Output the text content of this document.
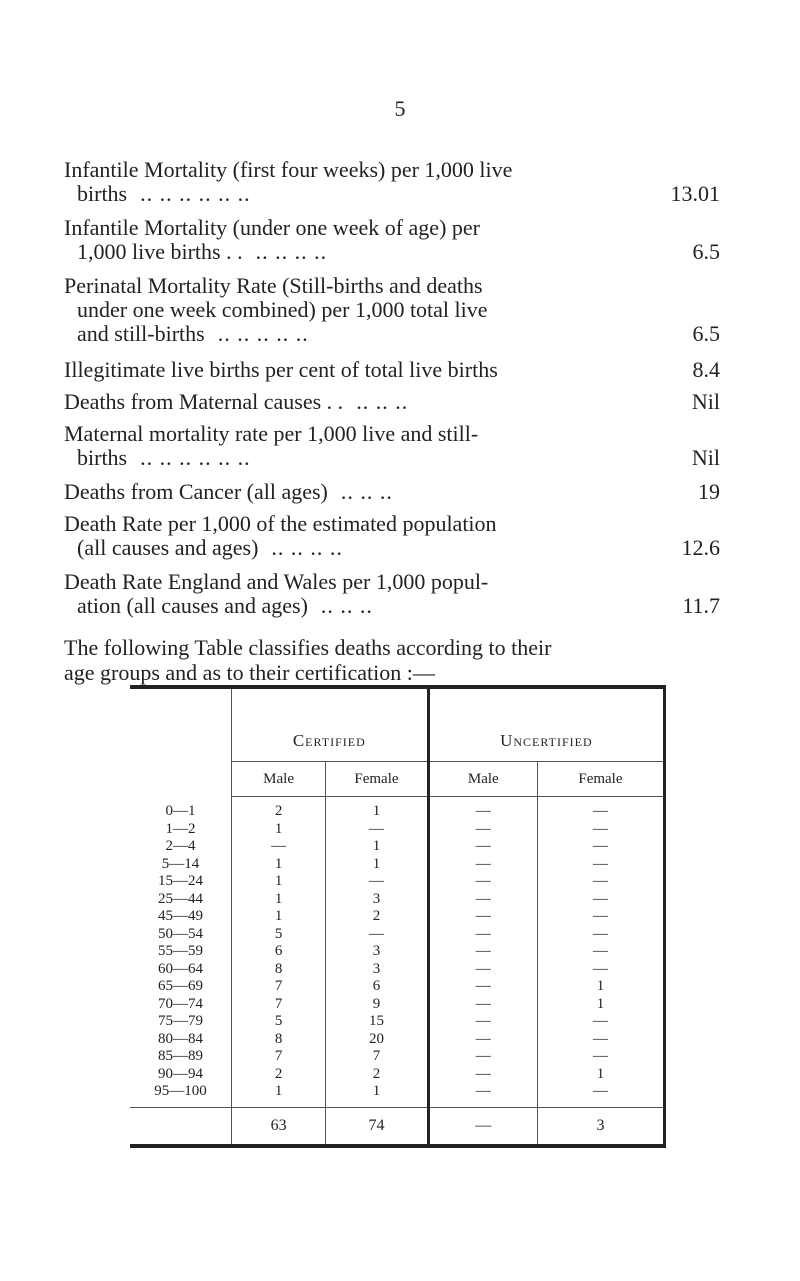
5
Infantile Mortality (first four weeks) per 1,000 live
births  .. .. .. .. .. ..	13.01
Infantile Mortality (under one week of age) per
1,000 live births . .  .. .. .. ..	6.5
Perinatal Mortality Rate (Still-births and deaths
under one week combined) per 1,000 total live
and still-births  .. .. .. .. ..	6.5
Illegitimate live births per cent of total live births	8.4
Deaths from Maternal causes . .  .. .. ..	Nil
Maternal mortality rate per 1,000 live and still-
births  .. .. .. .. .. ..	Nil
Deaths from Cancer (all ages)  .. .. ..	19
Death Rate per 1,000 of the estimated population
(all causes and ages)  .. .. .. ..	12.6
Death Rate England and Wales per 1,000 popul-
ation (all causes and ages)  .. .. ..	11.7
The following Table classifies deaths according to their
age groups and as to their certification :—
	Certified		Uncertified	
	Male	Female	Male	Female
0—1	2	1	—	—
1—2	1	—	—	—
2—4	—	1	—	—
5—14	1	1	—	—
15—24	1	—	—	—
25—44	1	3	—	—
45—49	1	2	—	—
50—54	5	—	—	—
55—59	6	3	—	—
60—64	8	3	—	—
65—69	7	6	—	1
70—74	7	9	—	1
75—79	5	15	—	—
80—84	8	20	—	—
85—89	7	7	—	—
90—94	2	2	—	1
95—100	1	1	—	—
	63	74	—	3
